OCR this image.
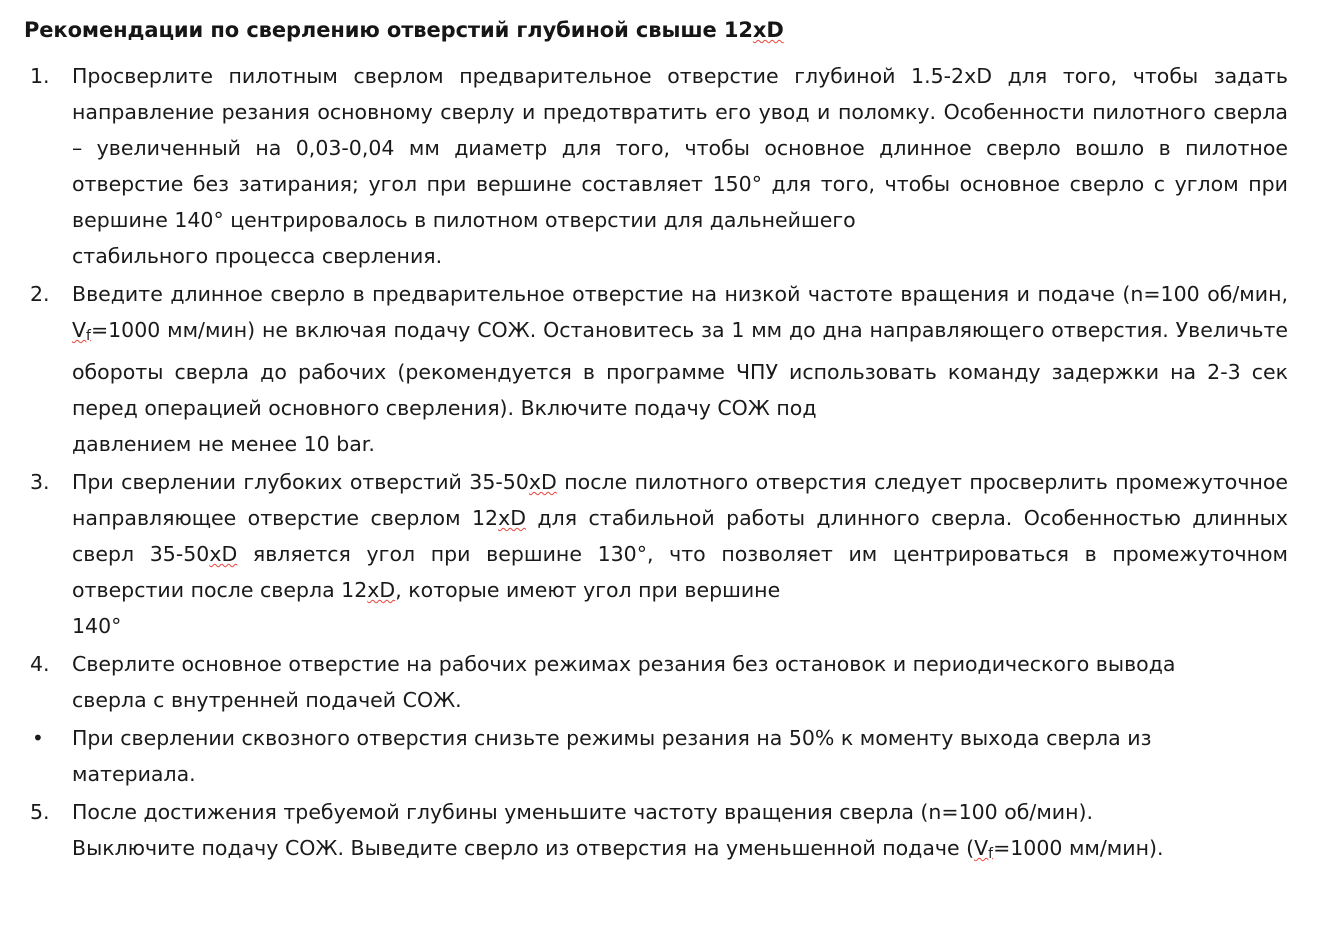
Рекомендации по сверлению отверстий глубиной свыше 12xD
1.	Просверлите пилотным сверлом предварительное отверстие глубиной 1.5-2xD для того, чтобы задать направление резания основному сверлу и предотвратить его увод и поломку. Особенности пилотного сверла – увеличенный на 0,03-0,04 мм диаметр для того, чтобы основное длинное сверло вошло в пилотное отверстие без затирания; угол при вершине составляет 150° для того, чтобы основное сверло с углом при вершине 140° центрировалось в пилотном отверстии для дальнейшего
стабильного процесса сверления.
2.	Введите длинное сверло в предварительное отверстие на низкой частоте вращения и подаче (n=100 об/мин, $V_f=1000$ мм/мин) не включая подачу СОЖ. Остановитесь за 1 мм до дна направляющего отверстия. Увеличьте обороты сверла до рабочих (рекомендуется в программе ЧПУ использовать команду задержки на 2-3 сек перед операцией основного сверления). Включите подачу СОЖ под
давлением не менее 10 bar.
3.	При сверлении глубоких отверстий 35-50xD после пилотного отверстия следует просверлить промежуточное направляющее отверстие сверлом 12xD для стабильной работы длинного сверла. Особенностью длинных сверл 35-50xD является угол при вершине 130°, что позволяет им центрироваться в промежуточном отверстии после сверла 12xD, которые имеют угол при вершине
140°
4.	Сверлите основное отверстие на рабочих режимах резания без остановок и периодического вывода
сверла с внутренней подачей СОЖ.
•	При сверлении сквозного отверстия снизьте режимы резания на 50% к моменту выхода сверла из
материала.
5.	После достижения требуемой глубины уменьшите частоту вращения сверла (n=100 об/мин).
Выключите подачу СОЖ. Выведите сверло из отверстия на уменьшенной подаче ($V_f=1000$ мм/мин).
